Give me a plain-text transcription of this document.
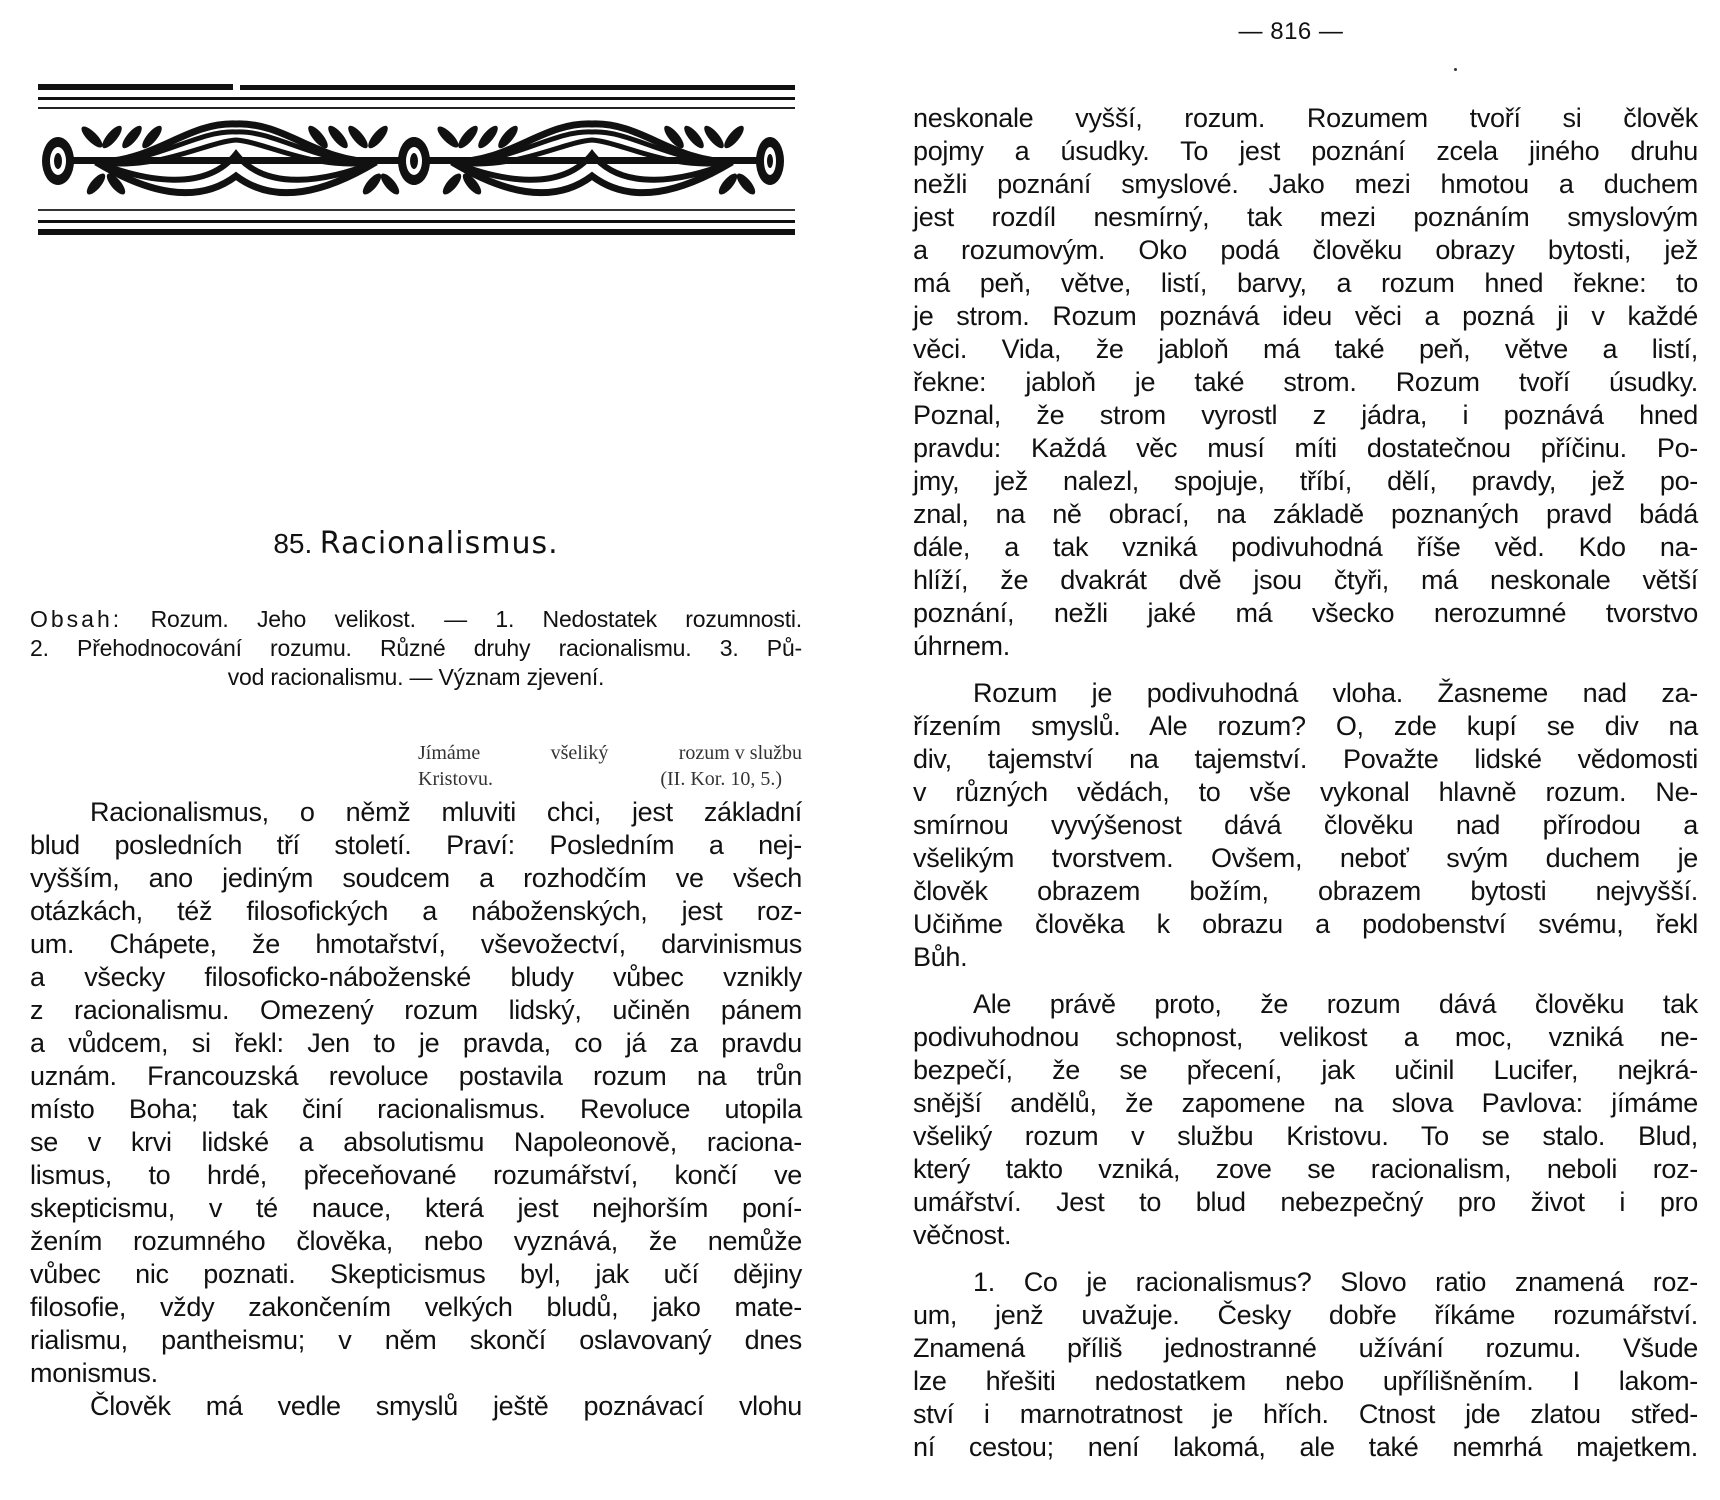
— 816 —
85. Racionalismus.
Obsah: Rozum. Jeho velikost. — 1. Nedostatek rozumnosti.
2. Přehodnocování rozumu. Různé druhy racionalismu. 3. Pů-
vod racionalismu. — Význam zjevení.
Jímáme	všeliký	rozum v službu
Kristovu.	(II. Kor. 10, 5.)
Racionalismus, o němž mluviti chci, jest základní
blud posledních tří století. Praví: Posledním a nej-
vyšším, ano jediným soudcem a rozhodčím ve všech
otázkách, též filosofických a náboženských, jest roz-
um. Chápete, že hmotařství, vševožectví, darvinismus
a všecky filosoficko-náboženské bludy vůbec vznikly
z racionalismu. Omezený rozum lidský, učiněn pánem
a vůdcem, si řekl: Jen to je pravda, co já za pravdu
uznám. Francouzská revoluce postavila rozum na trůn
místo Boha; tak činí racionalismus. Revoluce utopila
se v krvi lidské a absolutismu Napoleonově, raciona-
lismus, to hrdé, přeceňované rozumářství, končí ve
skepticismu, v té nauce, která jest nejhorším poní-
žením rozumného člověka, nebo vyznává, že nemůže
vůbec nic poznati. Skepticismus byl, jak učí dějiny
filosofie, vždy zakončením velkých bludů, jako mate-
rialismu, pantheismu; v něm skončí oslavovaný dnes
monismus.
Člověk má vedle smyslů ještě poznávací vlohu
neskonale vyšší, rozum. Rozumem tvoří si člověk
pojmy a úsudky. To jest poznání zcela jiného druhu
nežli poznání smyslové. Jako mezi hmotou a duchem
jest rozdíl nesmírný, tak mezi poznáním smyslovým
a rozumovým. Oko podá člověku obrazy bytosti, jež
má peň, větve, listí, barvy, a rozum hned řekne: to
je strom. Rozum poznává ideu věci a pozná ji v každé
věci. Vida, že jabloň má také peň, větve a listí,
řekne: jabloň je také strom. Rozum tvoří úsudky.
Poznal, že strom vyrostl z jádra, i poznává hned
pravdu: Každá věc musí míti dostatečnou příčinu. Po-
jmy, jež nalezl, spojuje, tříbí, dělí, pravdy, jež po-
znal, na ně obrací, na základě poznaných pravd bádá
dále, a tak vzniká podivuhodná říše věd. Kdo na-
hlíží, že dvakrát dvě jsou čtyři, má neskonale větší
poznání, nežli jaké má všecko nerozumné tvorstvo
úhrnem.
Rozum je podivuhodná vloha. Žasneme nad za-
řízením smyslů. Ale rozum? O, zde kupí se div na
div, tajemství na tajemství. Považte lidské vědomosti
v různých vědách, to vše vykonal hlavně rozum. Ne-
smírnou vyvýšenost dává člověku nad přírodou a
všelikým tvorstvem. Ovšem, neboť svým duchem je
člověk obrazem božím, obrazem bytosti nejvyšší.
Učiňme člověka k obrazu a podobenství svému, řekl
Bůh.
Ale právě proto, že rozum dává člověku tak
podivuhodnou schopnost, velikost a moc, vzniká ne-
bezpečí, že se přecení, jak učinil Lucifer, nejkrá-
snější andělů, že zapomene na slova Pavlova: jímáme
všeliký rozum v službu Kristovu. To se stalo. Blud,
který takto vzniká, zove se racionalism, neboli roz-
umářství. Jest to blud nebezpečný pro život i pro
věčnost.
1. Co je racionalismus? Slovo ratio znamená roz-
um, jenž uvažuje. Česky dobře říkáme rozumářství.
Znamená příliš jednostranné užívání rozumu. Všude
lze hřešiti nedostatkem nebo upřílišněním. I lakom-
ství i marnotratnost je hřích. Ctnost jde zlatou střed-
ní cestou; není lakomá, ale také nemrhá majetkem.
